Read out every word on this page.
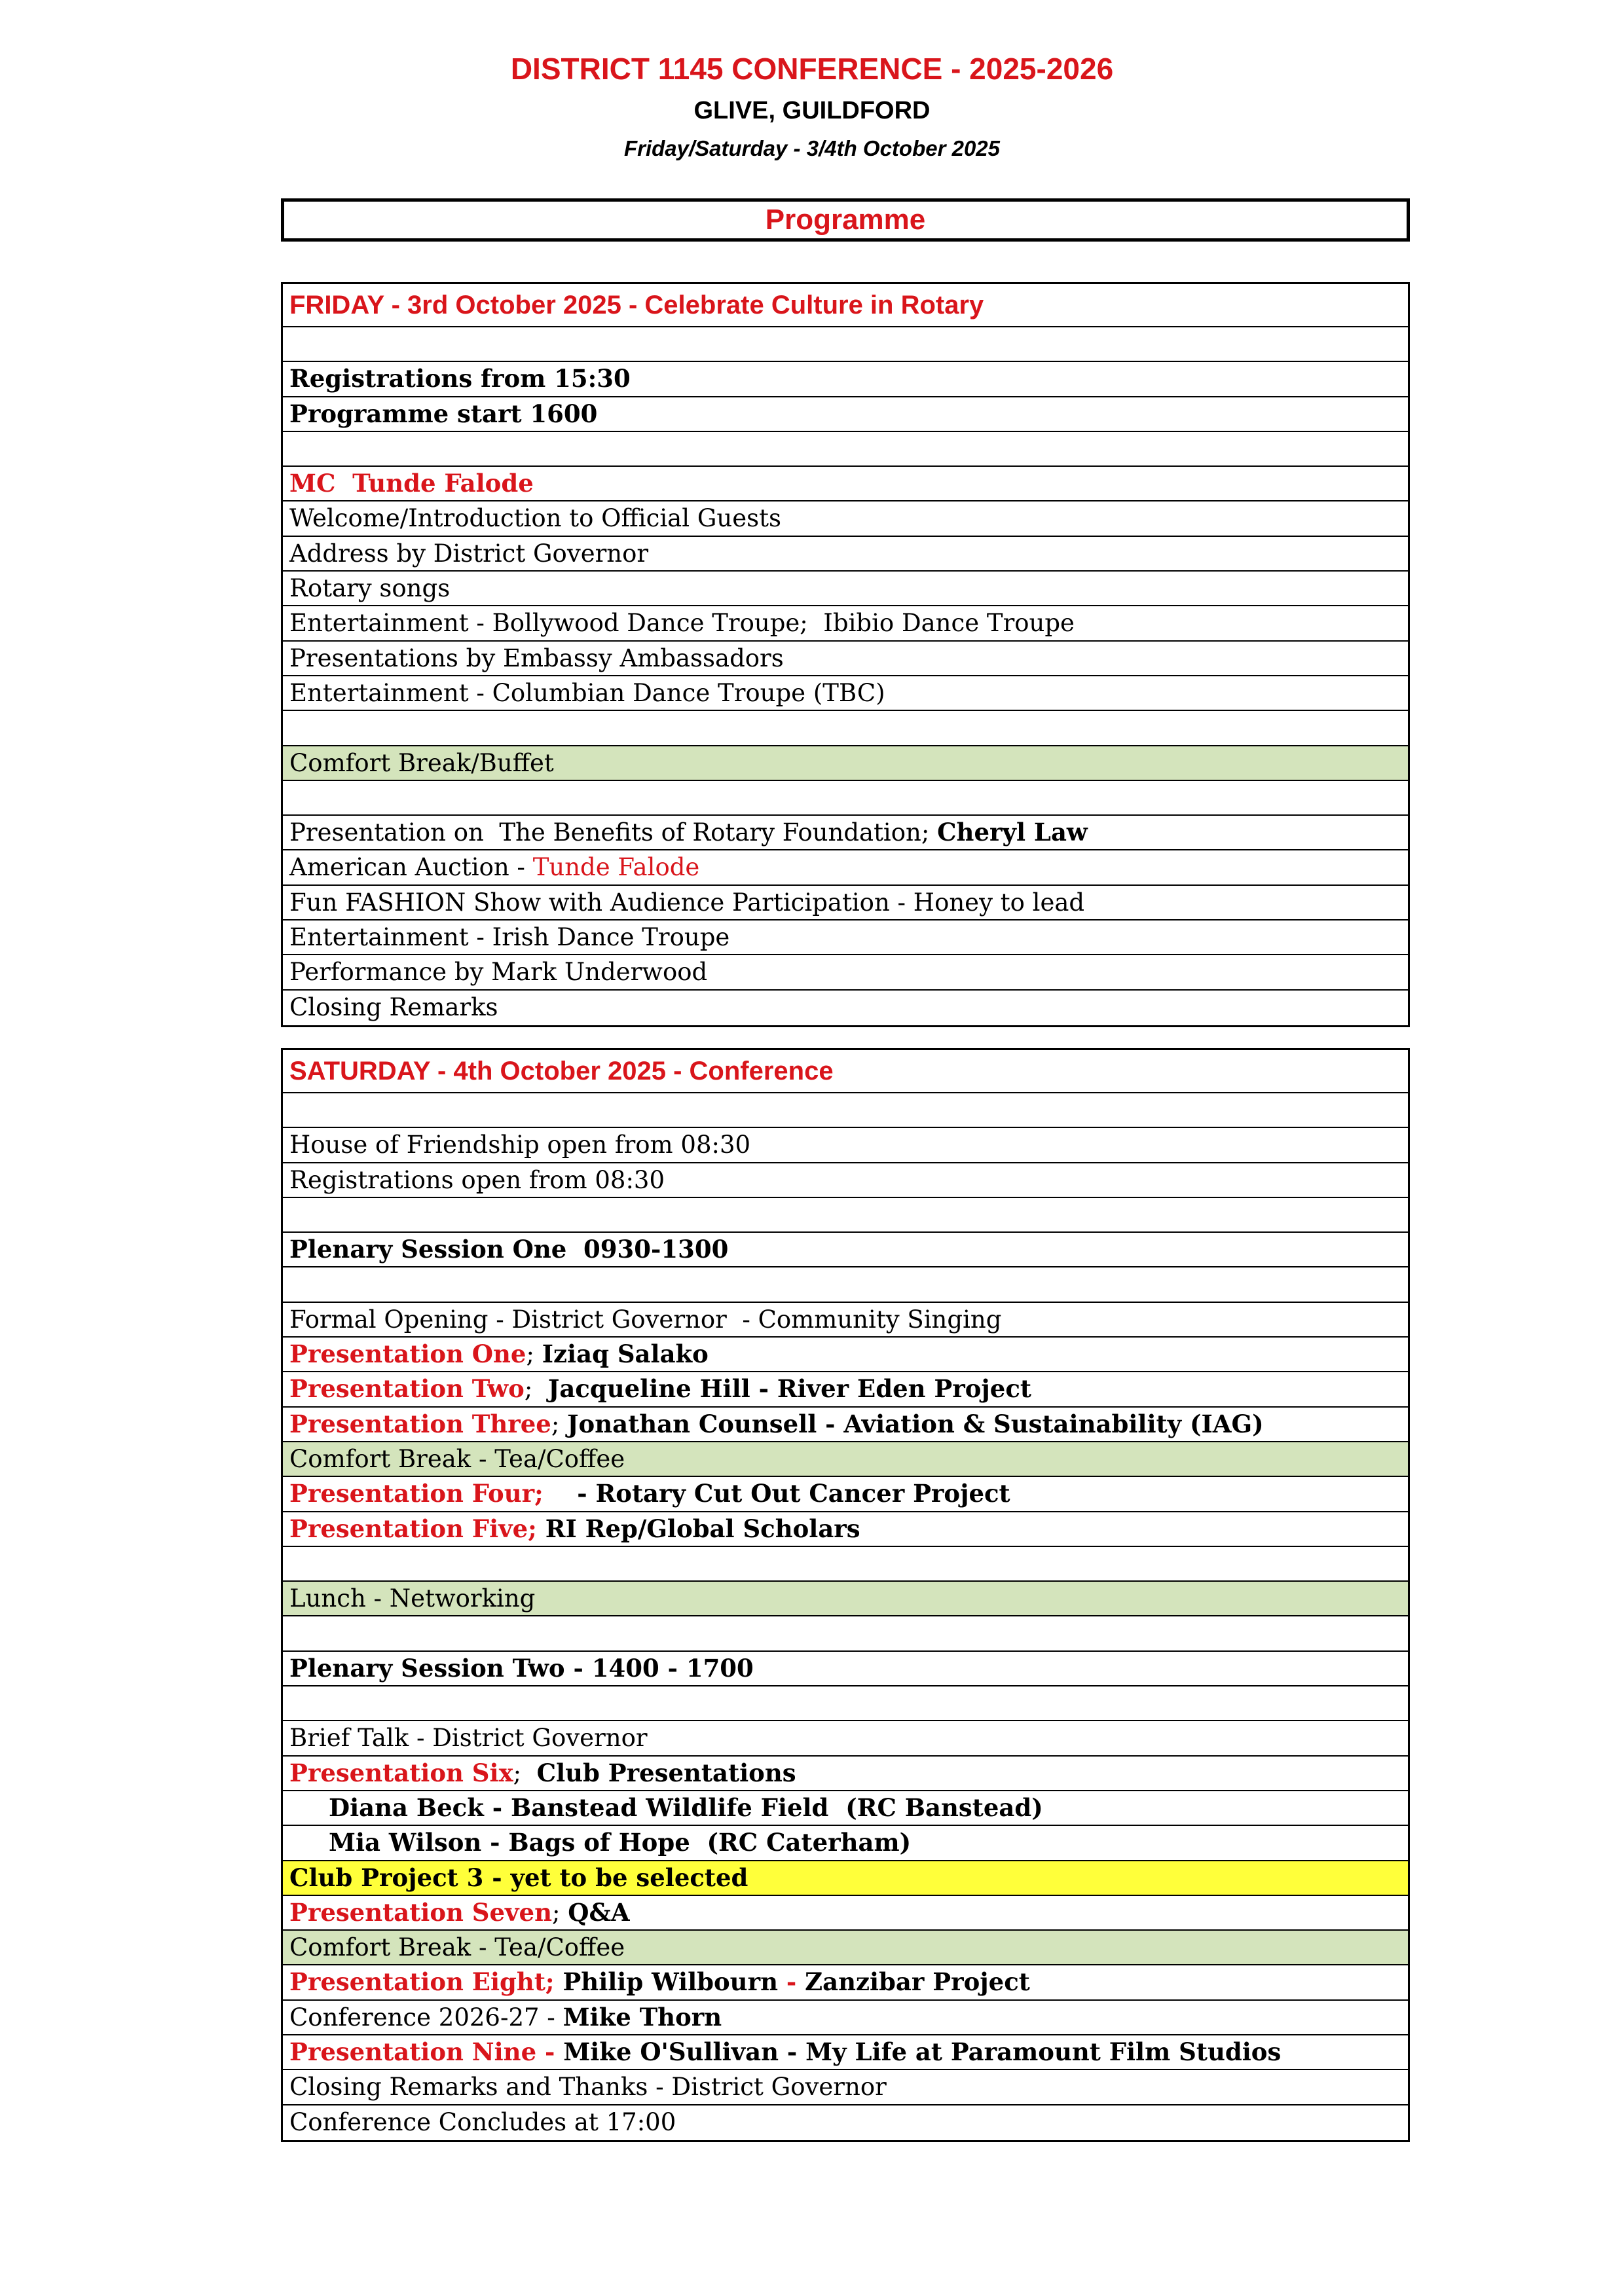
DISTRICT 1145 CONFERENCE - 2025-2026
GLIVE, GUILDFORD
Friday/Saturday - 3/4th October 2025
Programme
FRIDAY - 3rd October 2025 - Celebrate Culture in Rotary
Registrations from 15:30
Programme start 1600
MC  Tunde Falode
Welcome/Introduction to Official Guests
Address by District Governor
Rotary songs
Entertainment - Bollywood Dance Troupe;  Ibibio Dance Troupe
Presentations by Embassy Ambassadors
Entertainment - Columbian Dance Troupe (TBC)
Comfort Break/Buffet
Presentation on  The Benefits of Rotary Foundation; Cheryl Law
American Auction - Tunde Falode
Fun FASHION Show with Audience Participation - Honey to lead
Entertainment - Irish Dance Troupe
Performance by Mark Underwood
Closing Remarks
SATURDAY - 4th October 2025 - Conference
House of Friendship open from 08:30
Registrations open from 08:30
Plenary Session One  0930-1300
Formal Opening - District Governor  - Community Singing
Presentation One; Iziaq Salako
Presentation Two;  Jacqueline Hill - River Eden Project
Presentation Three; Jonathan Counsell - Aviation & Sustainability (IAG)
Comfort Break - Tea/Coffee
Presentation Four;    - Rotary Cut Out Cancer Project
Presentation Five; RI Rep/Global Scholars
Lunch - Networking
Plenary Session Two - 1400 - 1700
Brief Talk - District Governor
Presentation Six;  Club Presentations
Diana Beck - Banstead Wildlife Field  (RC Banstead)
Mia Wilson - Bags of Hope  (RC Caterham)
Club Project 3 - yet to be selected
Presentation Seven; Q&A
Comfort Break - Tea/Coffee
Presentation Eight; Philip Wilbourn - Zanzibar Project
Conference 2026-27 - Mike Thorn
Presentation Nine - Mike O'Sullivan - My Life at Paramount Film Studios
Closing Remarks and Thanks - District Governor
Conference Concludes at 17:00
